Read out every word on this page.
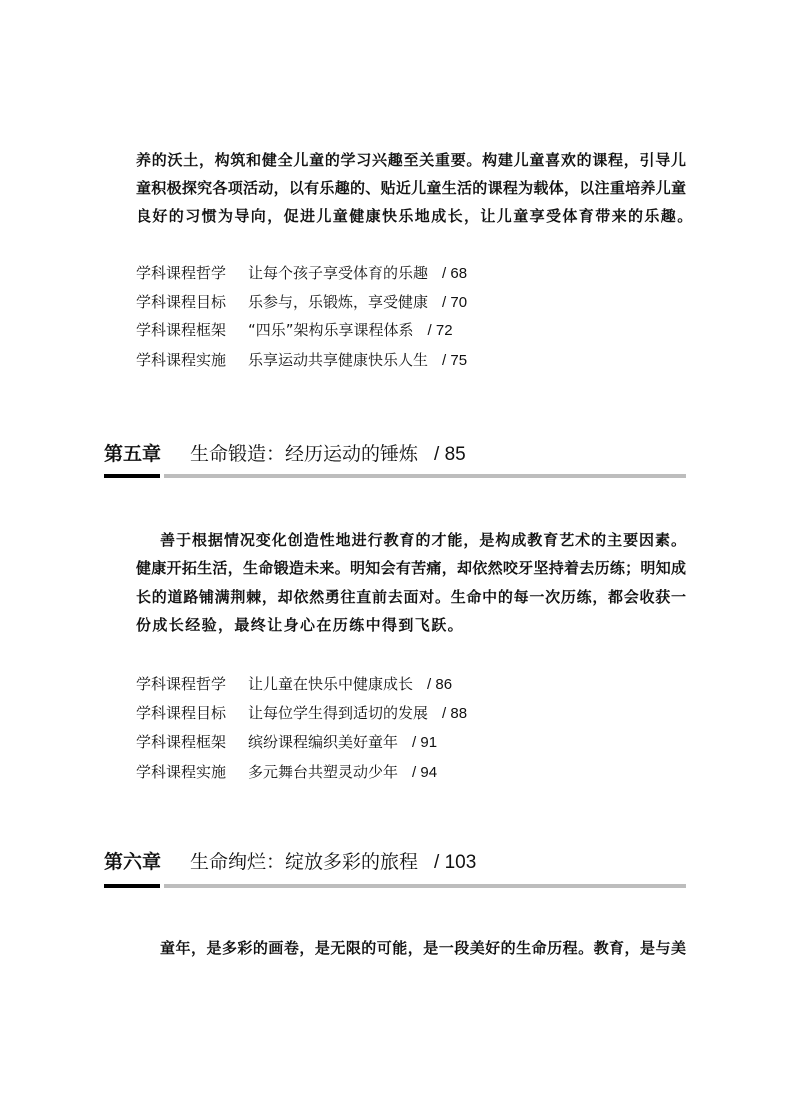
养的沃土，构筑和健全儿童的学习兴趣至关重要。构建儿童喜欢的课程，引导儿
童积极探究各项活动，以有乐趣的、贴近儿童生活的课程为载体，以注重培养儿童
良好的习惯为导向，促进儿童健康快乐地成长，让儿童享受体育带来的乐趣。
学科课程哲学 让每个孩子享受体育的乐趣 / 68
学科课程目标 乐参与，乐锻炼，享受健康 / 70
学科课程框架 “四乐”架构乐享课程体系 / 72
学科课程实施 乐享运动共享健康快乐人生 / 75
第五章 生命锻造：经历运动的锤炼 / 85
善于根据情况变化创造性地进行教育的才能，是构成教育艺术的主要因素。
健康开拓生活，生命锻造未来。明知会有苦痛，却依然咬牙坚持着去历练；明知成
长的道路铺满荆棘，却依然勇往直前去面对。生命中的每一次历练，都会收获一
份成长经验，最终让身心在历练中得到飞跃。
学科课程哲学 让儿童在快乐中健康成长 / 86
学科课程目标 让每位学生得到适切的发展 / 88
学科课程框架 缤纷课程编织美好童年 / 91
学科课程实施 多元舞台共塑灵动少年 / 94
第六章 生命绚烂：绽放多彩的旅程 / 103
童年，是多彩的画卷，是无限的可能，是一段美好的生命历程。教育，是与美
